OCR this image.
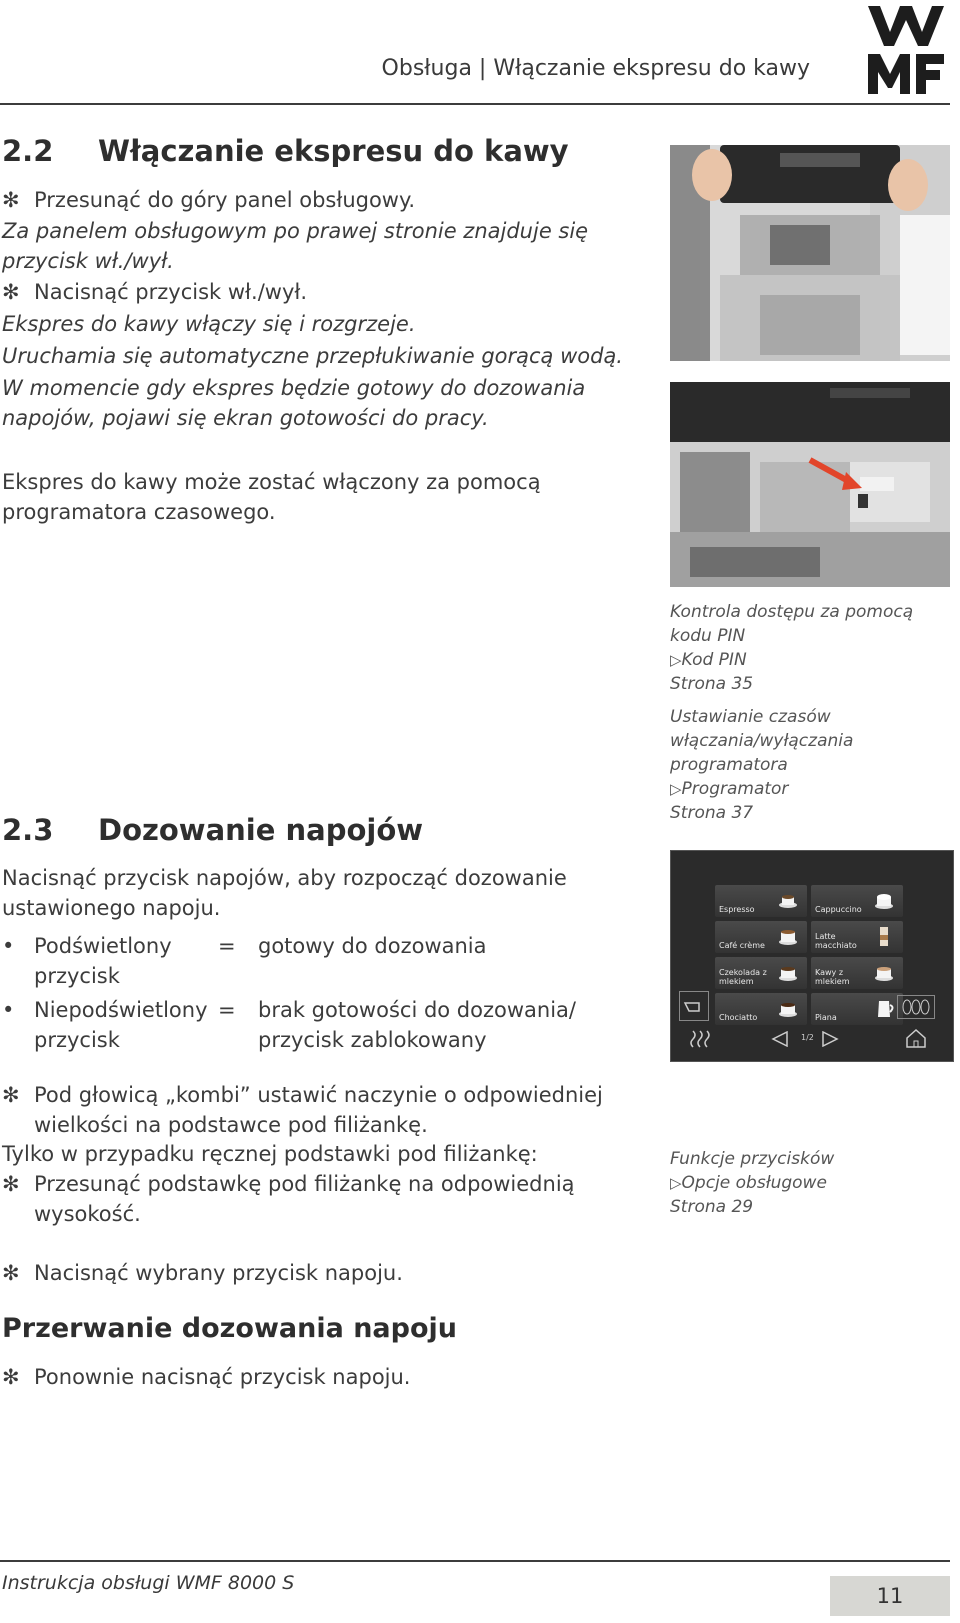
Obsługa | Włączanie ekspresu do kawy
2.2 Włączanie ekspresu do kawy
✻ Przesunąć do góry panel obsługowy.
Za panelem obsługowym po prawej stronie znajduje się
przycisk wł./wył.
✻ Nacisnąć przycisk wł./wył.
Ekspres do kawy włączy się i rozgrzeje.
Uruchamia się automatyczne przepłukiwanie gorącą wodą.
W momencie gdy ekspres będzie gotowy do dozowania
napojów, pojawi się ekran gotowości do pracy.
Ekspres do kawy może zostać włączony za pomocą
programatora czasowego.
Kontrola dostępu za pomocą
kodu PIN
▷Kod PIN
Strona 35
Ustawianie czasów
włączania/wyłączania
programatora
▷Programator
Strona 37
2.3 Dozowanie napojów
Nacisnąć przycisk napojów, aby rozpocząć dozowanie
ustawionego napoju.
• Podświetlony = gotowy do dozowania
przycisk
• Niepodświetlony = brak gotowości do dozowania/
przycisk	przycisk zablokowany
Espresso	Cappuccino
Café crème
Latte macchiato
Czekolada z mlekiem
Kawy z mlekiem
Chociatto	Piana
1/2
✻ Pod głowicą „kombi” ustawić naczynie o odpowiedniej
wielkości na podstawce pod filiżankę.
Tylko w przypadku ręcznej podstawki pod filiżankę:
✻ Przesunąć podstawkę pod filiżankę na odpowiednią
wysokość.
Funkcje przycisków
▷Opcje obsługowe
Strona 29
✻ Nacisnąć wybrany przycisk napoju.
Przerwanie dozowania napoju
✻ Ponownie nacisnąć przycisk napoju.
Instrukcja obsługi WMF 8000 S
11
